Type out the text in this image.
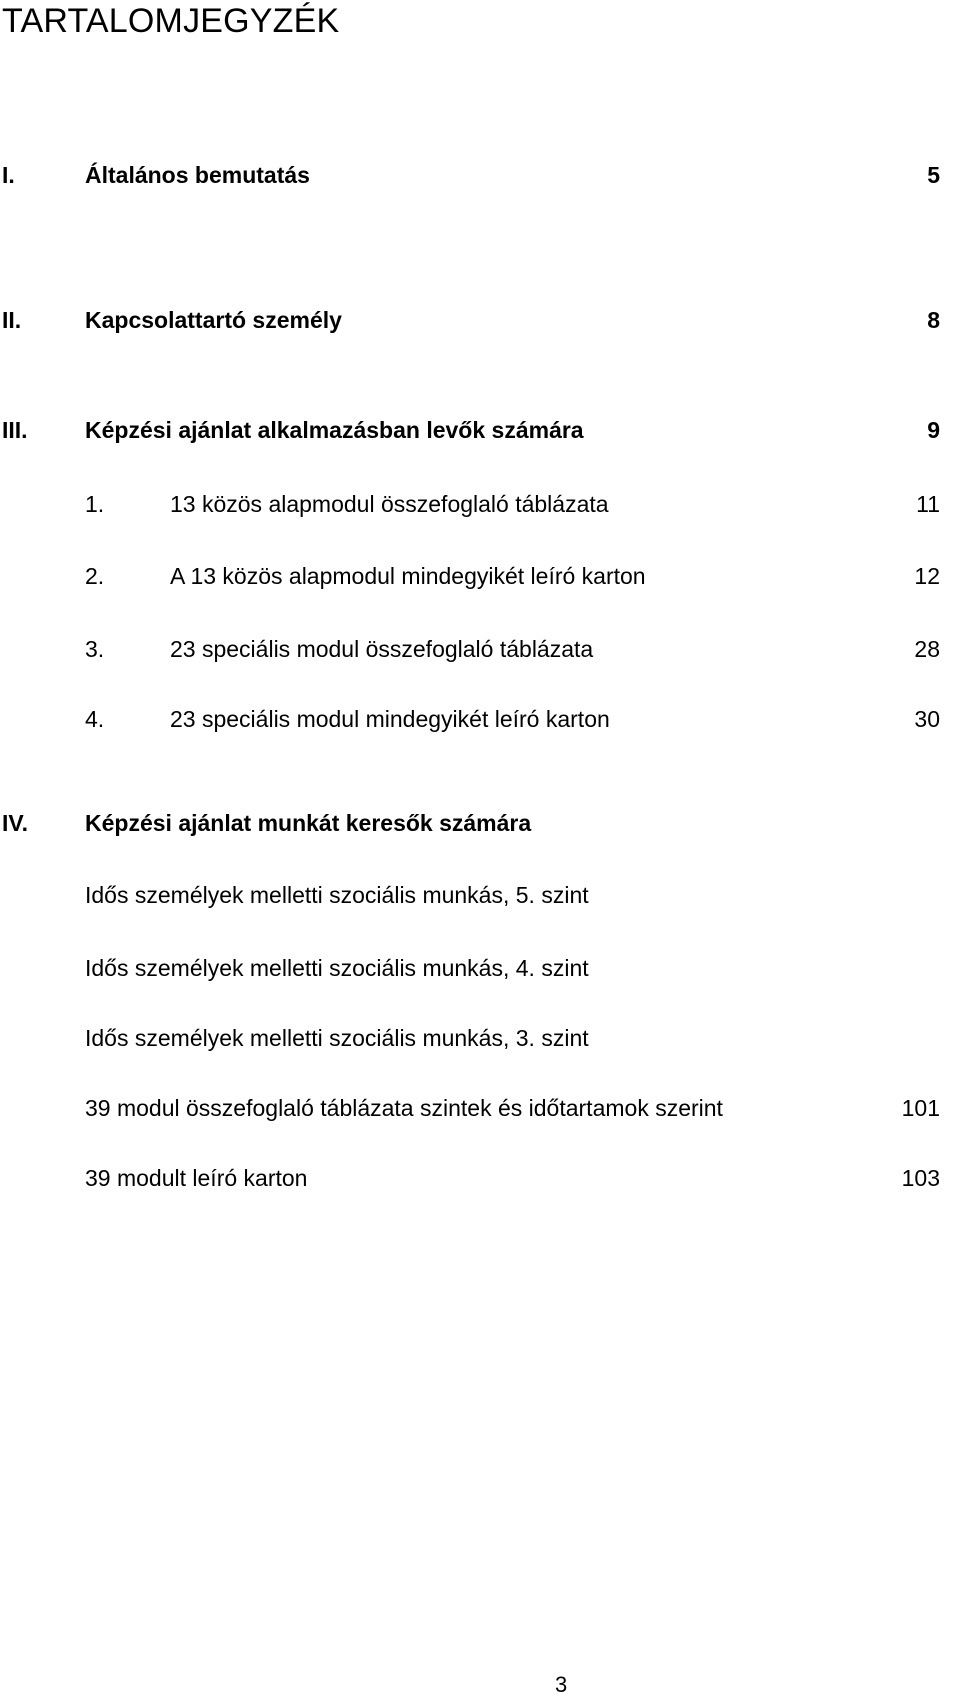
TARTALOMJEGYZÉK
I.	Általános bemutatás	5
II.	Kapcsolattartó személy	8
III. Képzési ajánlat alkalmazásban levők számára	9
1.	13 közös alapmodul összefoglaló táblázata	11
2.	A 13 közös alapmodul mindegyikét leíró karton	12
3.	23 speciális modul összefoglaló táblázata	28
4.	23 speciális modul mindegyikét leíró karton	30
IV. Képzési ajánlat munkát keresők számára
Idős személyek melletti szociális munkás, 5. szint
Idős személyek melletti szociális munkás, 4. szint
Idős személyek melletti szociális munkás, 3. szint
39 modul összefoglaló táblázata szintek és időtartamok szerint	101
39 modult leíró karton	103
3
